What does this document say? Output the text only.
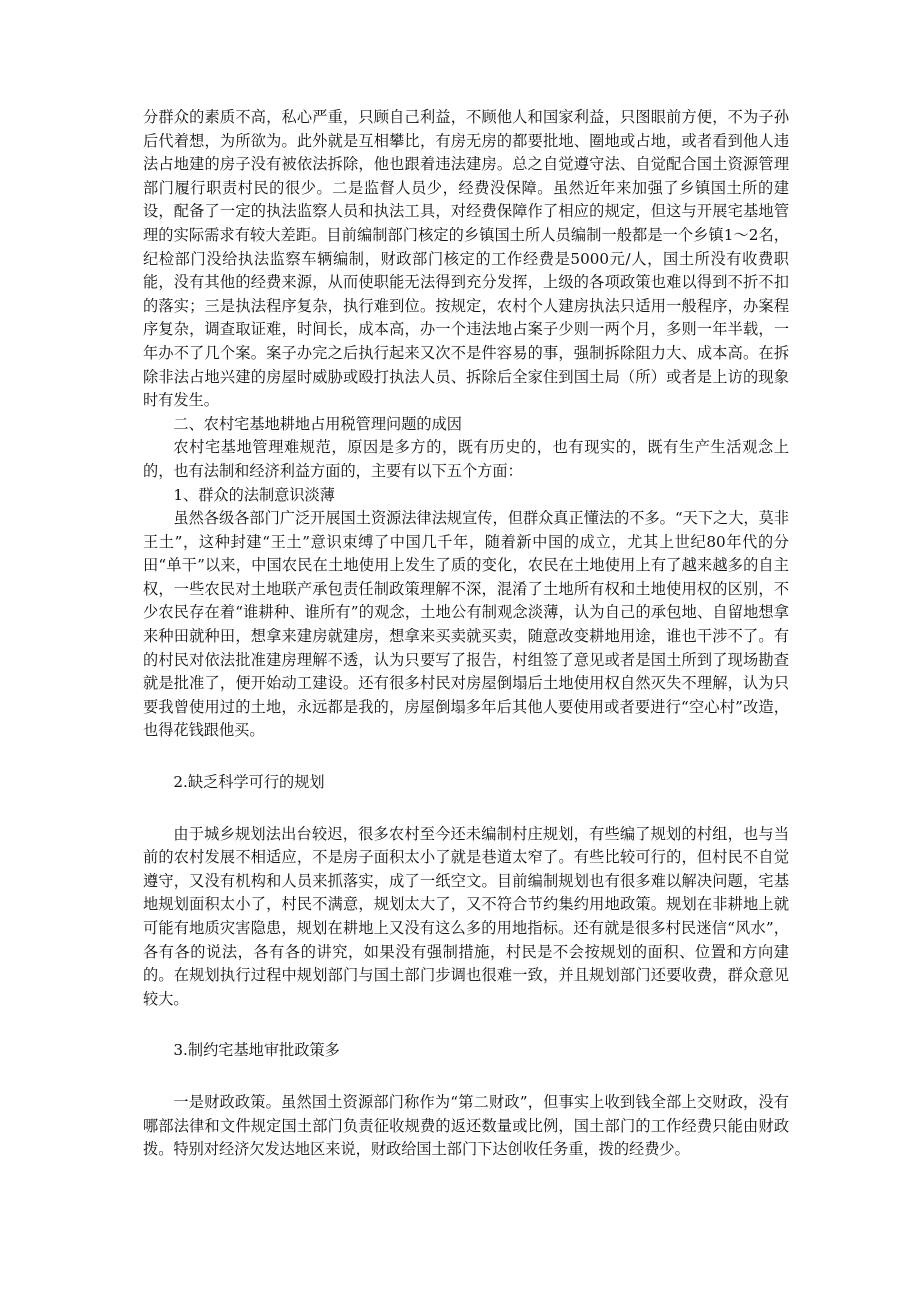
分群众的素质不高，私心严重，只顾自己利益，不顾他人和国家利益，只图眼前方便，不为子孙后代着想，为所欲为。此外就是互相攀比，有房无房的都要批地、圈地或占地，或者看到他人违法占地建的房子没有被依法拆除，他也跟着违法建房。总之自觉遵守法、自觉配合国土资源管理部门履行职责村民的很少。二是监督人员少，经费没保障。虽然近年来加强了乡镇国土所的建设，配备了一定的执法监察人员和执法工具，对经费保障作了相应的规定，但这与开展宅基地管理的实际需求有较大差距。目前编制部门核定的乡镇国土所人员编制一般都是一个乡镇1～2名，纪检部门没给执法监察车辆编制，财政部门核定的工作经费是5000元/人，国土所没有收费职能，没有其他的经费来源，从而使职能无法得到充分发挥，上级的各项政策也难以得到不折不扣的落实；三是执法程序复杂，执行难到位。按规定，农村个人建房执法只适用一般程序，办案程序复杂，调查取证难，时间长，成本高，办一个违法地占案子少则一两个月，多则一年半载，一年办不了几个案。案子办完之后执行起来又次不是件容易的事，强制拆除阻力大、成本高。在拆除非法占地兴建的房屋时威胁或殴打执法人员、拆除后全家住到国土局（所）或者是上访的现象时有发生。

二、农村宅基地耕地占用税管理问题的成因

农村宅基地管理难规范，原因是多方的，既有历史的，也有现实的，既有生产生活观念上的，也有法制和经济利益方面的，主要有以下五个方面：

1、群众的法制意识淡薄

虽然各级各部门广泛开展国土资源法律法规宣传，但群众真正懂法的不多。“天下之大，莫非王土”，这种封建“王土”意识束缚了中国几千年，随着新中国的成立，尤其上世纪80年代的分田“单干”以来，中国农民在土地使用上发生了质的变化，农民在土地使用上有了越来越多的自主权，一些农民对土地联产承包责任制政策理解不深，混淆了土地所有权和土地使用权的区别，不少农民存在着“谁耕种、谁所有”的观念，土地公有制观念淡薄，认为自己的承包地、自留地想拿来种田就种田，想拿来建房就建房，想拿来买卖就买卖，随意改变耕地用途，谁也干涉不了。有的村民对依法批准建房理解不透，认为只要写了报告，村组签了意见或者是国土所到了现场勘查就是批准了，便开始动工建设。还有很多村民对房屋倒塌后土地使用权自然灭失不理解，认为只要我曾使用过的土地，永远都是我的，房屋倒塌多年后其他人要使用或者要进行“空心村”改造，也得花钱跟他买。

2.缺乏科学可行的规划

由于城乡规划法出台较迟，很多农村至今还未编制村庄规划，有些编了规划的村组，也与当前的农村发展不相适应，不是房子面积太小了就是巷道太窄了。有些比较可行的，但村民不自觉遵守，又没有机构和人员来抓落实，成了一纸空文。目前编制规划也有很多难以解决问题，宅基地规划面积太小了，村民不满意，规划太大了，又不符合节约集约用地政策。规划在非耕地上就可能有地质灾害隐患，规划在耕地上又没有这么多的用地指标。还有就是很多村民迷信“风水”，各有各的说法，各有各的讲究，如果没有强制措施，村民是不会按规划的面积、位置和方向建的。在规划执行过程中规划部门与国土部门步调也很难一致，并且规划部门还要收费，群众意见较大。

3.制约宅基地审批政策多

一是财政政策。虽然国土资源部门称作为“第二财政”，但事实上收到钱全部上交财政，没有哪部法律和文件规定国土部门负责征收规费的返还数量或比例，国土部门的工作经费只能由财政拨。特别对经济欠发达地区来说，财政给国土部门下达创收任务重，拨的经费少。
